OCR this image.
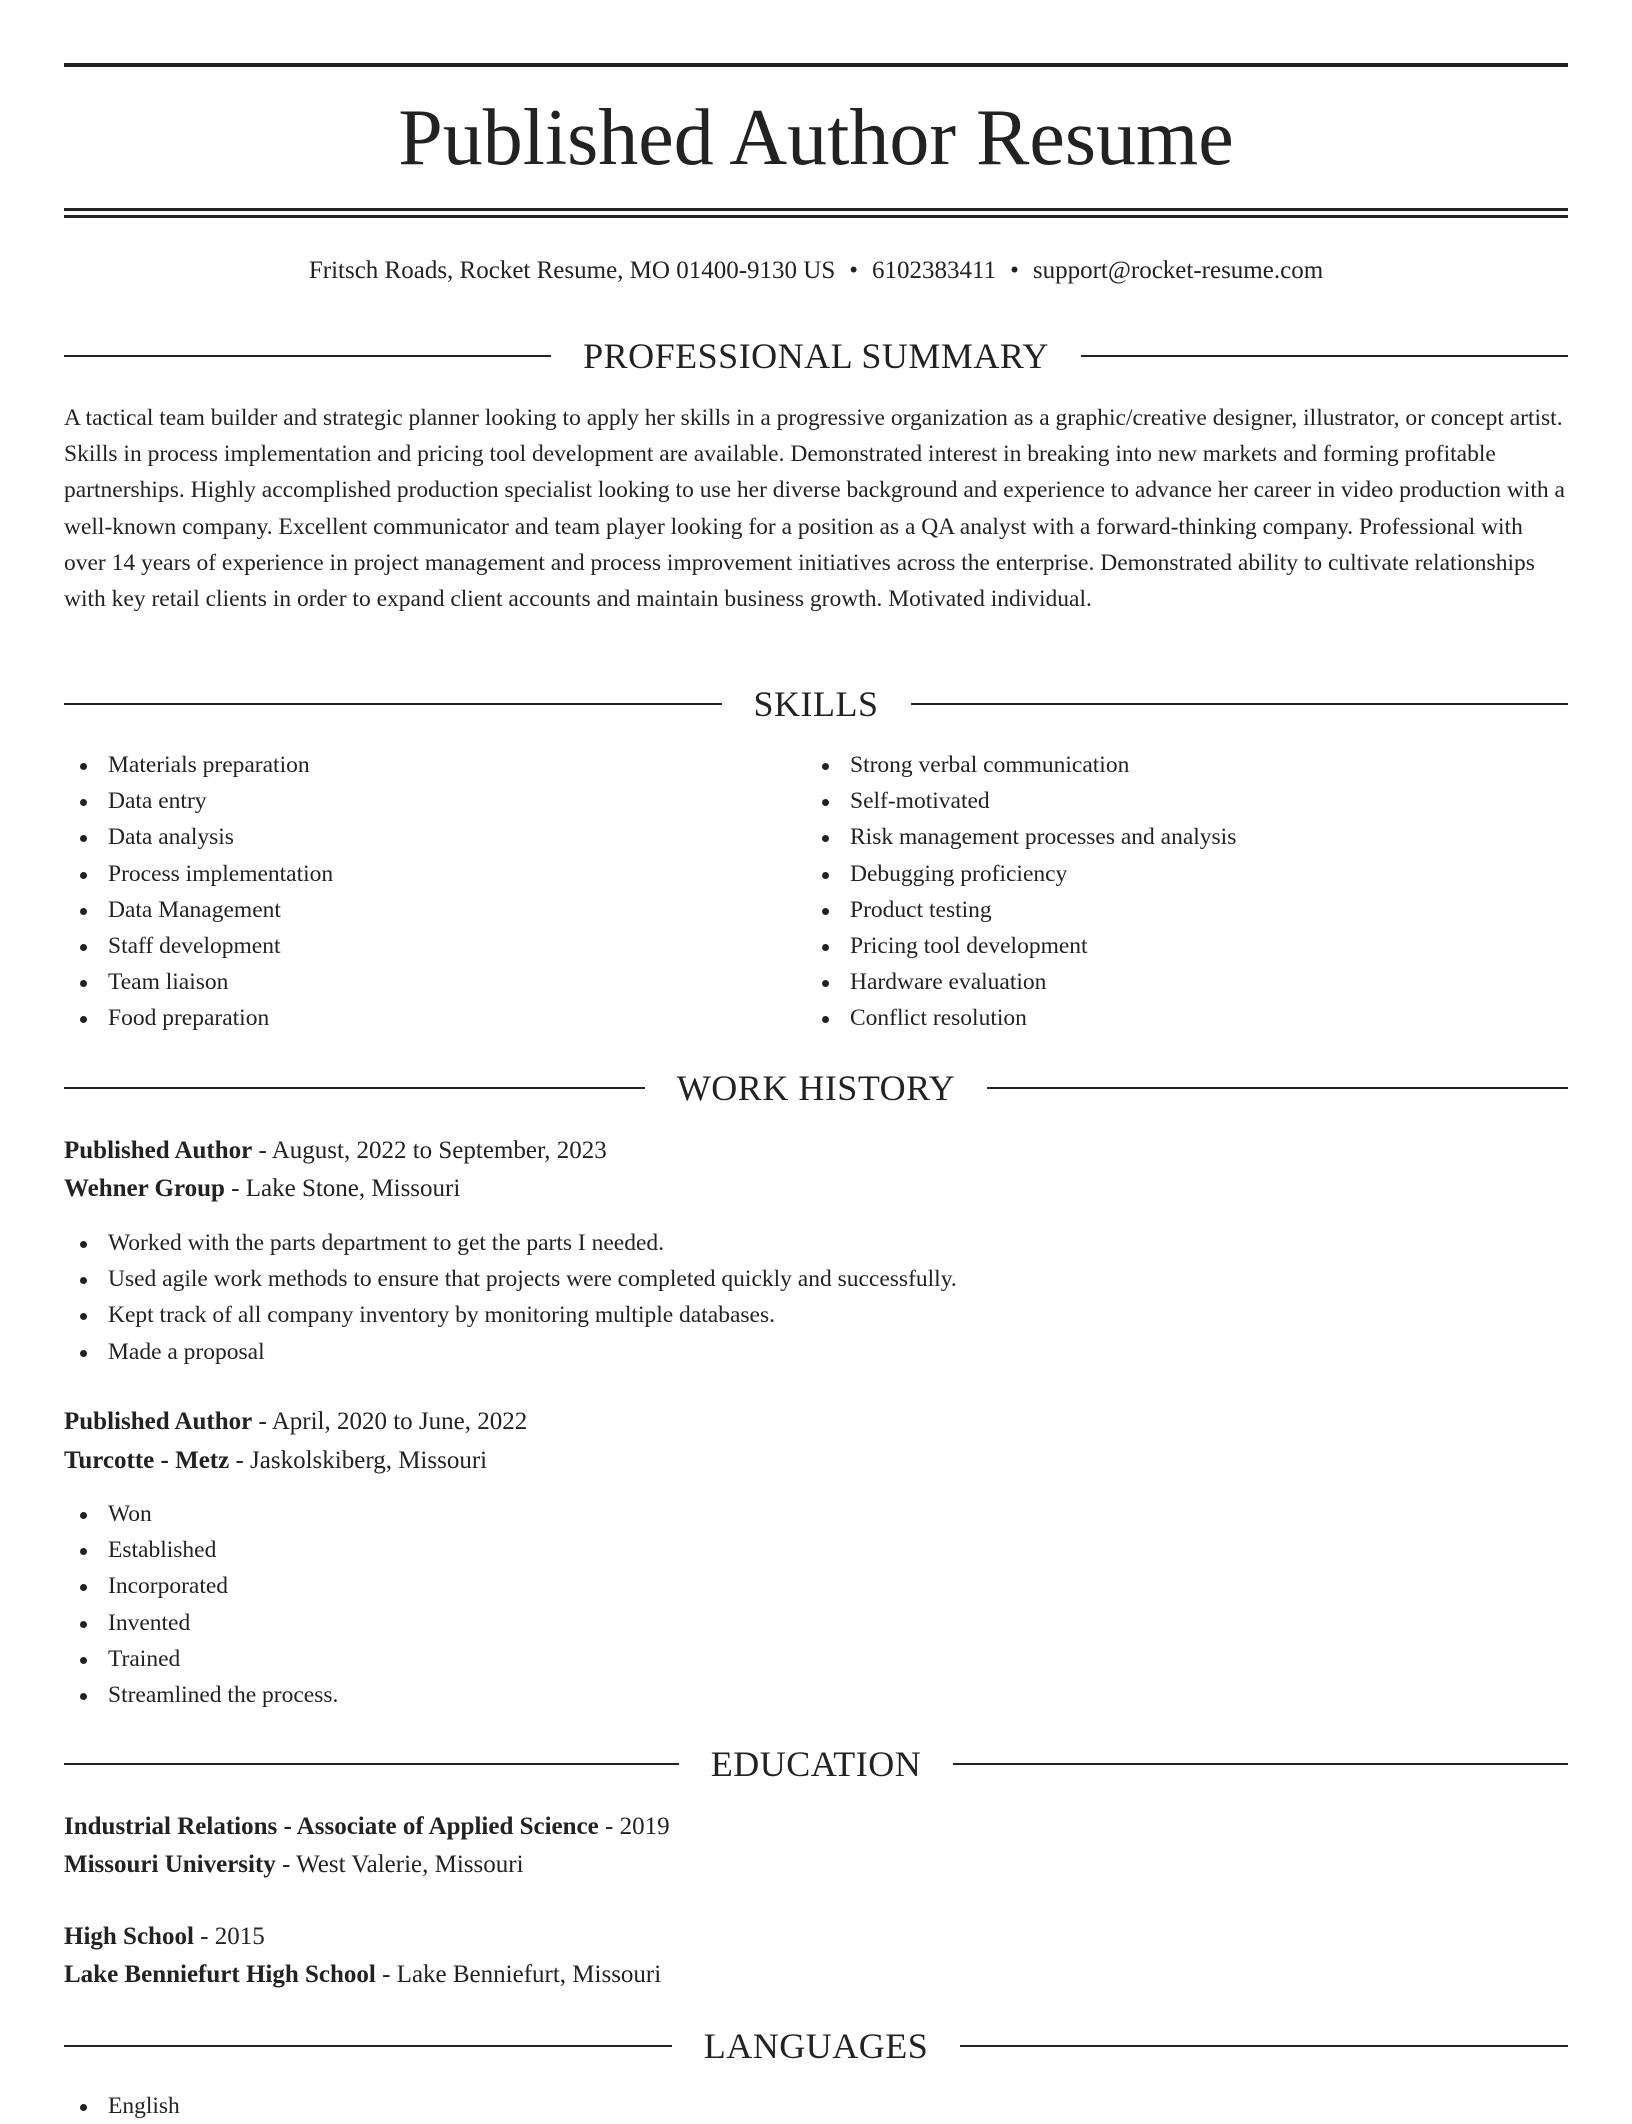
Published Author Resume
Fritsch Roads, Rocket Resume, MO 01400-9130 US • 6102383411 • support@rocket-resume.com
PROFESSIONAL SUMMARY

A tactical team builder and strategic planner looking to apply her skills in a progressive organization as a graphic/creative designer, illustrator, or concept artist. Skills in process implementation and pricing tool development are available. Demonstrated interest in breaking into new markets and forming profitable partnerships. Highly accomplished production specialist looking to use her diverse background and experience to advance her career in video production with a well-known company. Excellent communicator and team player looking for a position as a QA analyst with a forward-thinking company. Professional with over 14 years of experience in project management and process improvement initiatives across the enterprise. Demonstrated ability to cultivate relationships with key retail clients in order to expand client accounts and maintain business growth. Motivated individual.

SKILLS
Materials preparation
Data entry
Data analysis
Process implementation
Data Management
Staff development
Team liaison
Food preparation
Strong verbal communication
Self-motivated
Risk management processes and analysis
Debugging proficiency
Product testing
Pricing tool development
Hardware evaluation
Conflict resolution
WORK HISTORY
Published Author - August, 2022 to September, 2023
Wehner Group - Lake Stone, Missouri
Worked with the parts department to get the parts I needed.
Used agile work methods to ensure that projects were completed quickly and successfully.
Kept track of all company inventory by monitoring multiple databases.
Made a proposal
Published Author - April, 2020 to June, 2022
Turcotte - Metz - Jaskolskiberg, Missouri
Won
Established
Incorporated
Invented
Trained
Streamlined the process.
EDUCATION
Industrial Relations - Associate of Applied Science - 2019
Missouri University - West Valerie, Missouri
High School - 2015
Lake Benniefurt High School - Lake Benniefurt, Missouri
LANGUAGES
English
